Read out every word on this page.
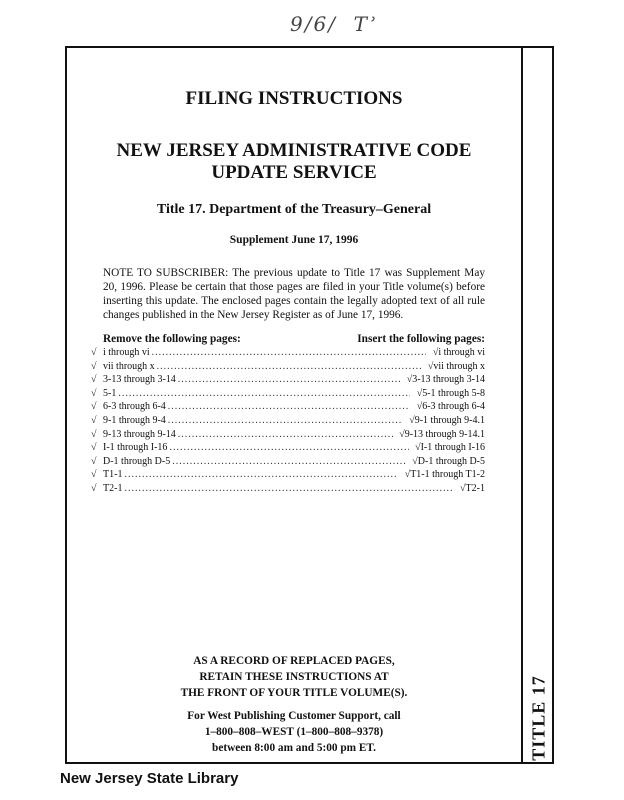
9/6/  Tʾ
TITLE 17
FILING INSTRUCTIONS
NEW JERSEY ADMINISTRATIVE CODE
UPDATE SERVICE
Title 17. Department of the Treasury–General
Supplement June 17, 1996
NOTE TO SUBSCRIBER: The previous update to Title 17 was Supplement May 20, 1996. Please be certain that those pages are filed in your Title volume(s) before inserting this update. The enclosed pages contain the legally adopted text of all rule changes published in the New Jersey Register as of June 17, 1996.
Remove the following pages:	Insert the following pages:
√ i through vi .....	√ i through vi
√ vii through x .....	√ vii through x
√ 3-13 through 3-14 .....	√ 3-13 through 3-14
√ 5-1 .....	√ 5-1 through 5-8
√ 6-3 through 6-4 .....	√ 6-3 through 6-4
√ 9-1 through 9-4 .....	√ 9-1 through 9-4.1
√ 9-13 through 9-14 .....	√ 9-13 through 9-14.1
√ I-1 through I-16 .....	√ I-1 through I-16
√ D-1 through D-5 .....	√ D-1 through D-5
√ T1-1 .....	√ T1-1 through T1-2
√ T2-1 .....	√ T2-1
AS A RECORD OF REPLACED PAGES,
RETAIN THESE INSTRUCTIONS AT
THE FRONT OF YOUR TITLE VOLUME(S).
For West Publishing Customer Support, call
1–800–808–WEST (1–800–808–9378)
between 8:00 am and 5:00 pm ET.
New Jersey State Library
